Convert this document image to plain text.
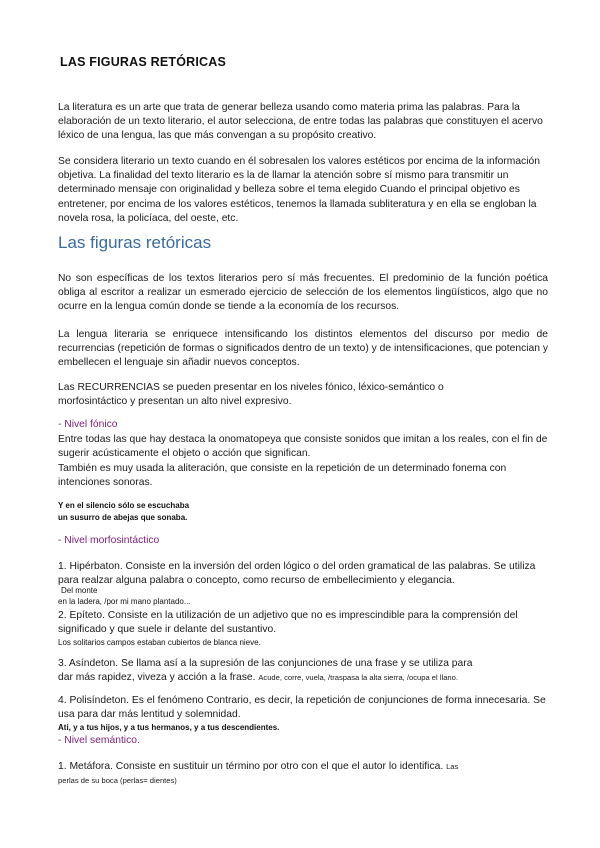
LAS FIGURAS RETÓRICAS

La literatura es un arte que trata de generar belleza usando como materia prima las palabras. Para la elaboración de un texto literario, el autor selecciona, de entre todas las palabras que constituyen el acervo léxico de una lengua, las que más convengan a su propósito creativo.

Se considera literario un texto cuando en él sobresalen los valores estéticos por encima de la información objetiva. La finalidad del texto literario es la de llamar la atención sobre sí mismo para transmitir un determinado mensaje con originalidad y belleza sobre el tema elegido Cuando el principal objetivo es entretener, por encima de los valores estéticos, tenemos la llamada subliteratura y en ella se engloban la novela rosa, la policíaca, del oeste, etc.

Las figuras retóricas

No son específicas de los textos literarios pero sí más frecuentes. El predominio de la función poética obliga al escritor a realizar un esmerado ejercicio de selección de los elementos lingüísticos, algo que no ocurre en la lengua común donde se tiende a la economía de los recursos.

La lengua literaria se enriquece intensificando los distintos elementos del discurso por medio de recurrencias (repetición de formas o significados dentro de un texto) y de intensificaciones, que potencian y embellecen el lenguaje sin añadir nuevos conceptos.

Las RECURRENCIAS se pueden presentar en los niveles fónico, léxico-semántico o morfosintáctico y presentan un alto nivel expresivo.

- Nivel fónico

Entre todas las que hay destaca la onomatopeya que consiste sonidos que imitan a los reales, con el fin de sugerir acústicamente el objeto o acción que significan.

También es muy usada la aliteración, que consiste en la repetición de un determinado fonema con intenciones sonoras.

Y en el silencio sólo se escuchaba
un susurro de abejas que sonaba.
- Nivel morfosintáctico

1. Hipérbaton. Consiste en la inversión del orden lógico o del orden gramatical de las palabras. Se utiliza para realzar alguna palabra o concepto, como recurso de embellecimiento y elegancia.

Del monte
en la ladera, /por mi mano plantado...

2. Epíteto. Consiste en la utilización de un adjetivo que no es imprescindible para la comprensión del significado y que suele ir delante del sustantivo.

Los solitarios campos estaban cubiertos de blanca nieve.

3. Asíndeton. Se llama así a la supresión de las conjunciones de una frase y se utiliza para
dar más rapidez, viveza y acción a la frase. Acude, corre, vuela, /traspasa la alta sierra, /ocupa el llano.

4. Polisíndeton. Es el fenómeno Contrario, es decir, la repetición de conjunciones de forma innecesaria. Se usa para dar más lentitud y solemnidad.

Ati, y a tus hijos, y a tus hermanos, y a tus descendientes.
- Nivel semántico.

1. Metáfora. Consiste en sustituir un término por otro con el que el autor lo identifica. Las
perlas de su boca (perlas= dientes)
